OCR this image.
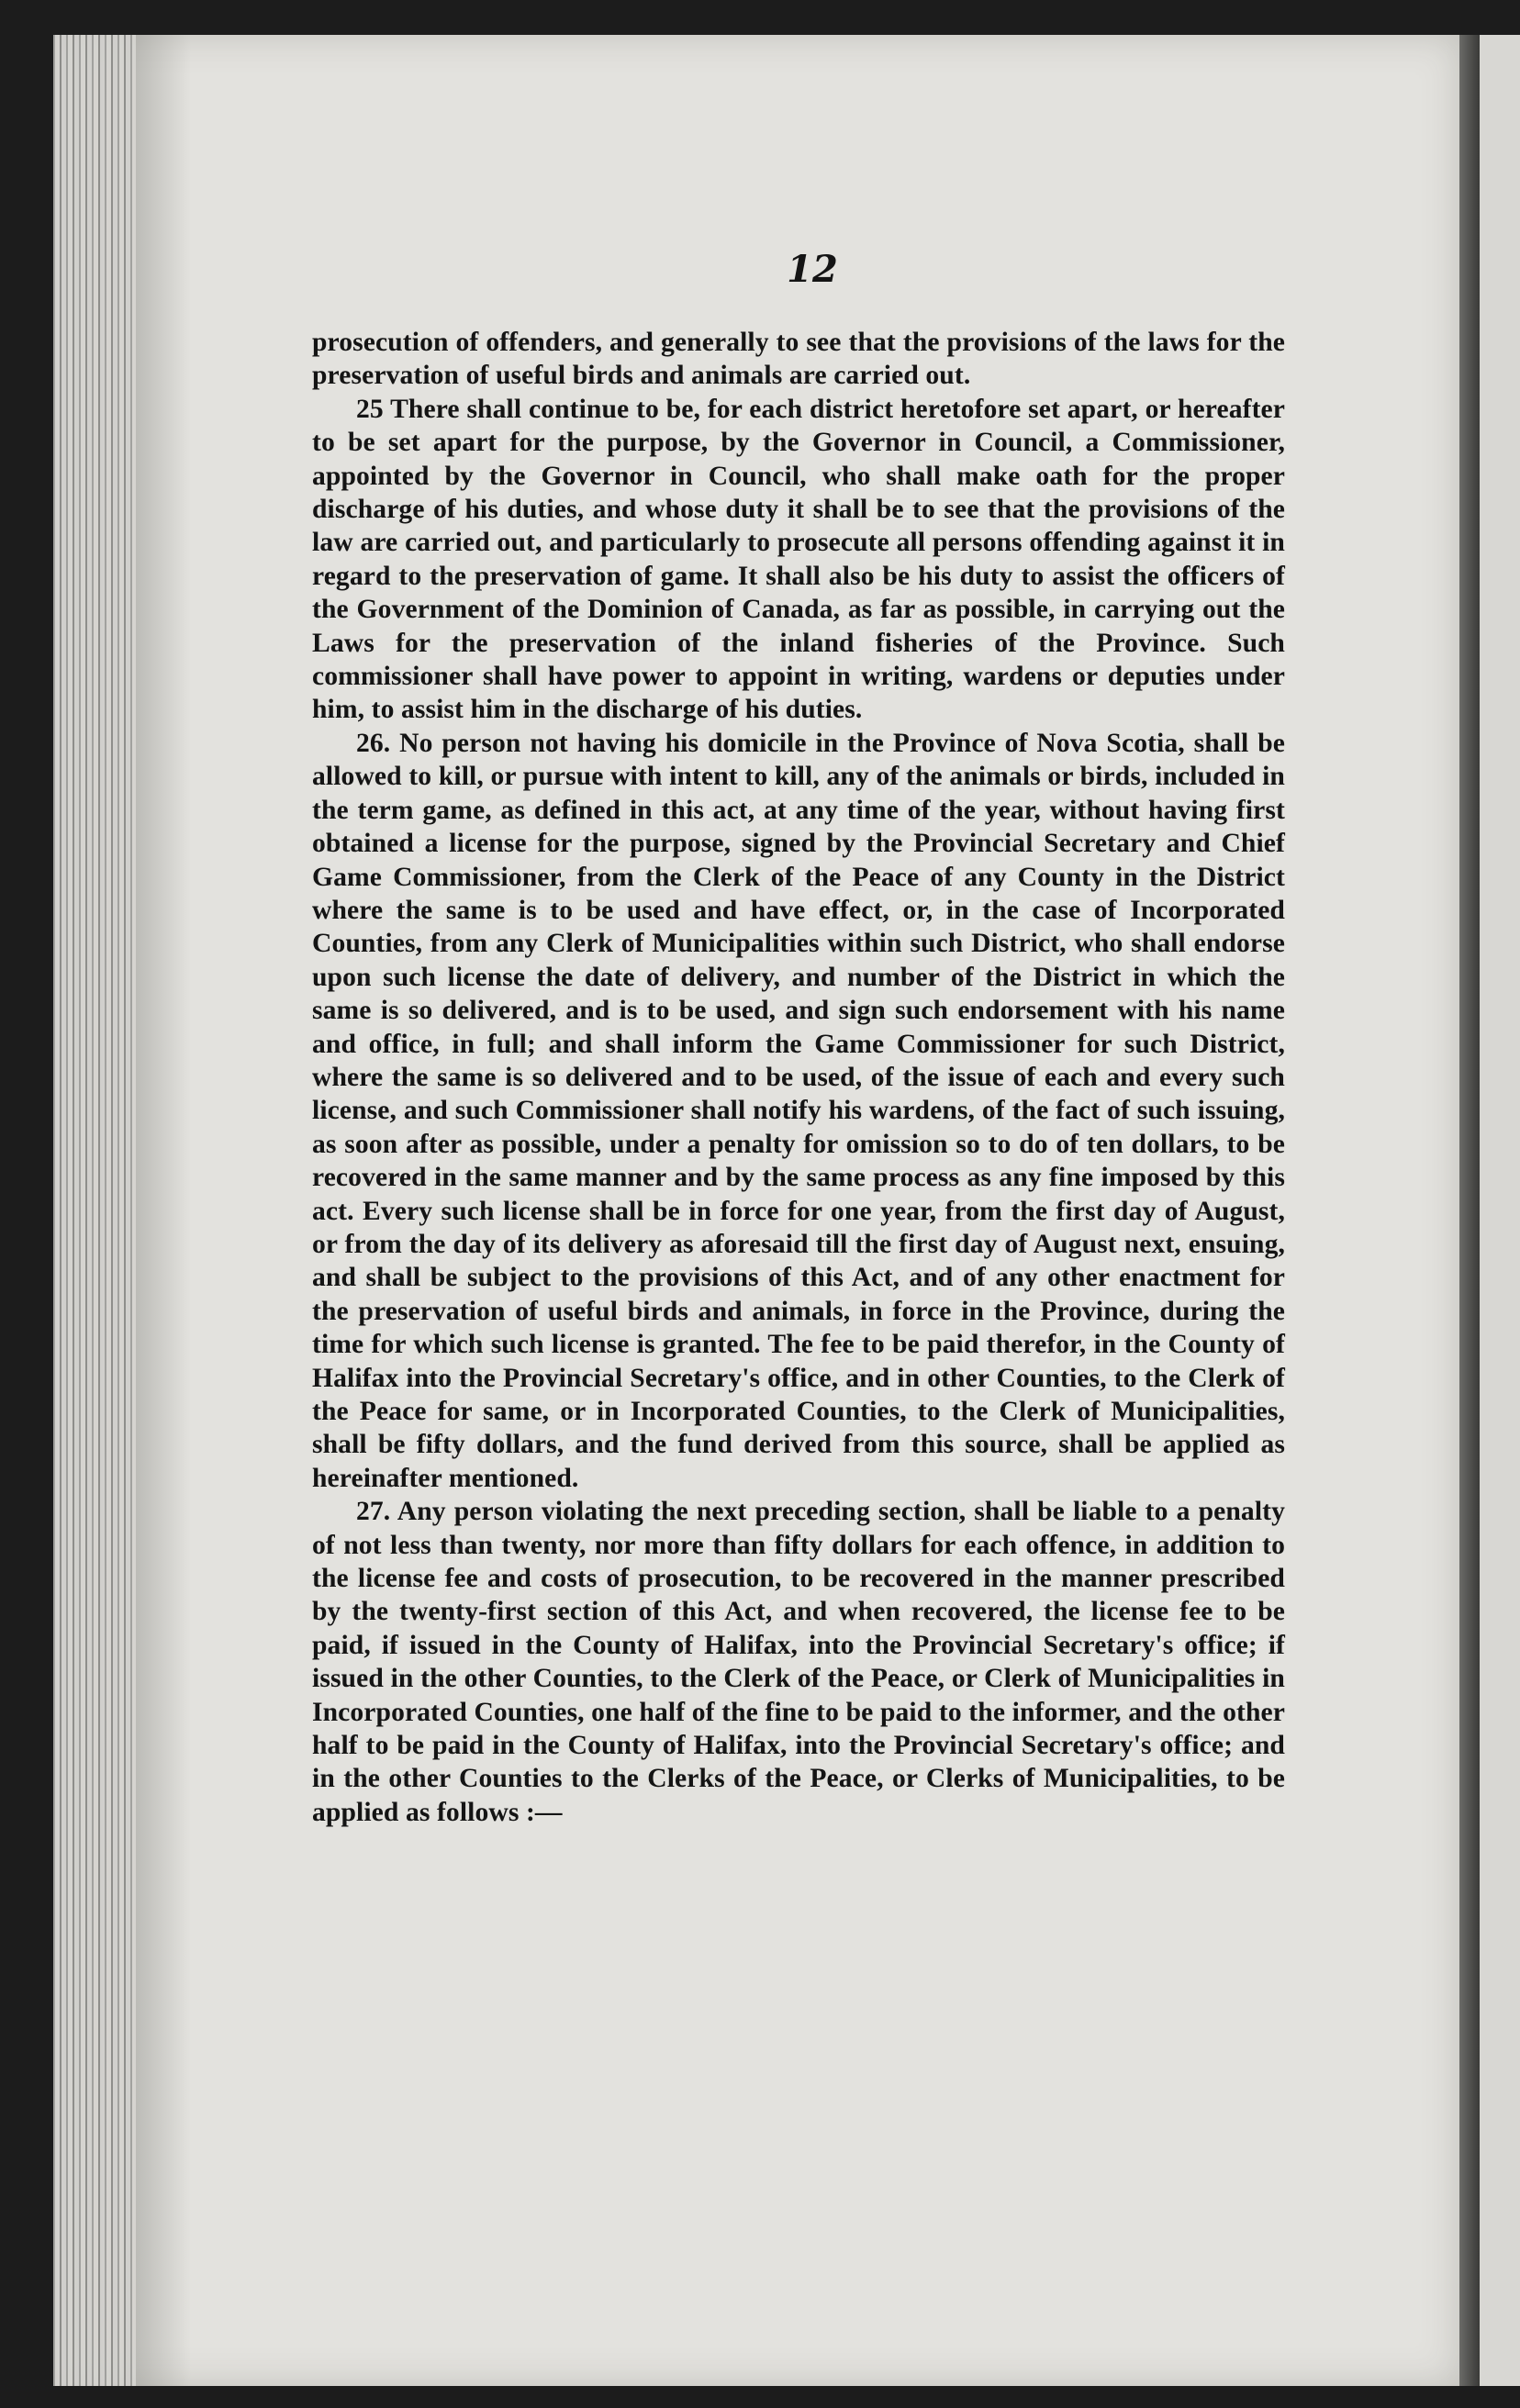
12

prosecution of offenders, and generally to see that the provisions of the laws for the preservation of useful birds and animals are carried out.

25 There shall continue to be, for each district heretofore set apart, or hereafter to be set apart for the purpose, by the Governor in Council, a Commissioner, appointed by the Governor in Council, who shall make oath for the proper discharge of his duties, and whose duty it shall be to see that the provisions of the law are carried out, and particularly to prosecute all persons offending against it in regard to the preservation of game. It shall also be his duty to assist the officers of the Government of the Dominion of Canada, as far as possible, in carrying out the Laws for the preservation of the inland fisheries of the Province. Such commissioner shall have power to appoint in writing, wardens or deputies under him, to assist him in the discharge of his duties.

26. No person not having his domicile in the Province of Nova Scotia, shall be allowed to kill, or pursue with intent to kill, any of the animals or birds, included in the term game, as defined in this act, at any time of the year, without having first obtained a license for the purpose, signed by the Provincial Secretary and Chief Game Commissioner, from the Clerk of the Peace of any County in the District where the same is to be used and have effect, or, in the case of Incorporated Counties, from any Clerk of Municipalities within such District, who shall endorse upon such license the date of delivery, and number of the District in which the same is so delivered, and is to be used, and sign such endorsement with his name and office, in full; and shall inform the Game Commissioner for such District, where the same is so delivered and to be used, of the issue of each and every such license, and such Commissioner shall notify his wardens, of the fact of such issuing, as soon after as possible, under a penalty for omission so to do of ten dollars, to be recovered in the same manner and by the same process as any fine imposed by this act. Every such license shall be in force for one year, from the first day of August, or from the day of its delivery as aforesaid till the first day of August next, ensuing, and shall be subject to the provisions of this Act, and of any other enactment for the preservation of useful birds and animals, in force in the Province, during the time for which such license is granted. The fee to be paid therefor, in the County of Halifax into the Provincial Secretary's office, and in other Counties, to the Clerk of the Peace for same, or in Incorporated Counties, to the Clerk of Municipalities, shall be fifty dollars, and the fund derived from this source, shall be applied as hereinafter mentioned.

27. Any person violating the next preceding section, shall be liable to a penalty of not less than twenty, nor more than fifty dollars for each offence, in addition to the license fee and costs of prosecution, to be recovered in the manner prescribed by the twenty-first section of this Act, and when recovered, the license fee to be paid, if issued in the County of Halifax, into the Provincial Secretary's office; if issued in the other Counties, to the Clerk of the Peace, or Clerk of Municipalities in Incorporated Counties, one half of the fine to be paid to the informer, and the other half to be paid in the County of Halifax, into the Provincial Secretary's office; and in the other Counties to the Clerks of the Peace, or Clerks of Municipalities, to be applied as follows :—
